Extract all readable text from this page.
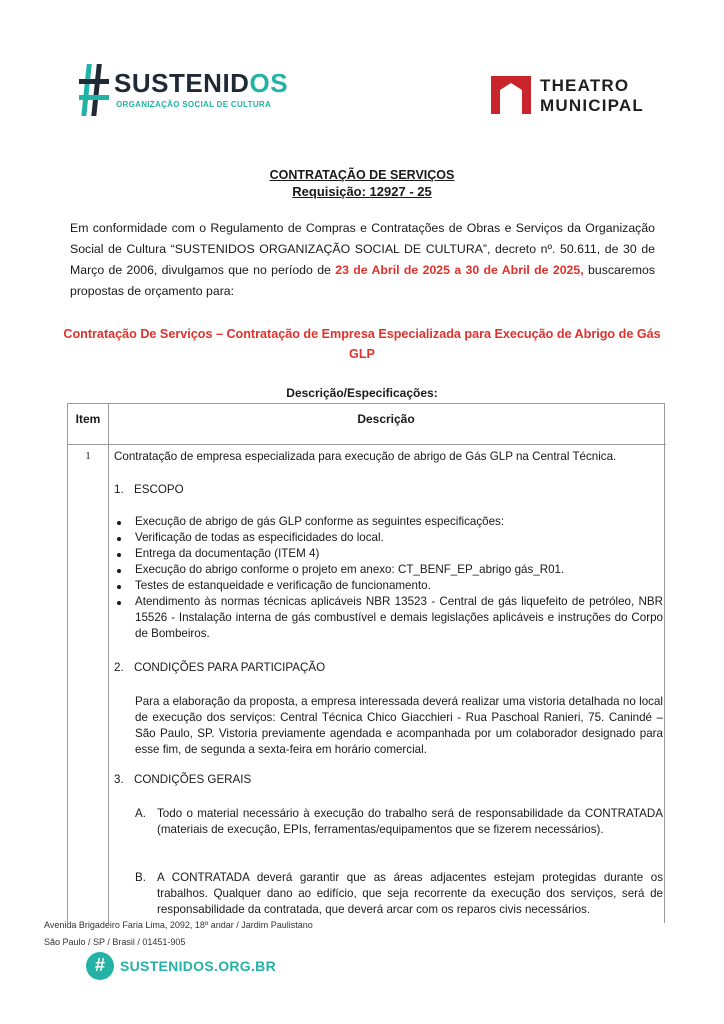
SUSTENIDOS
ORGANIZAÇÃO SOCIAL DE CULTURA
THEATRO
MUNICIPAL
CONTRATAÇÃO DE SERVIÇOS
Requisição: 12927 - 25
Em conformidade com o Regulamento de Compras e Contratações de Obras e Serviços da Organização Social de Cultura “SUSTENIDOS ORGANIZAÇÃO SOCIAL DE CULTURA”, decreto nº. 50.611, de 30 de Março de 2006, divulgamos que no período de 23 de Abril de 2025 a 30 de Abril de 2025, buscaremos propostas de orçamento para:
Contratação De Serviços – Contratação de Empresa Especializada para Execução de Abrigo de Gás GLP
Descrição/Especificações:
Item	Descrição
1	Contratação de empresa especializada para execução de abrigo de Gás GLP na Central Técnica.
1. ESCOPO
Execução de abrigo de gás GLP conforme as seguintes especificações:
Verificação de todas as especificidades do local.
Entrega da documentação (ITEM 4)
Execução do abrigo conforme o projeto em anexo: CT_BENF_EP_abrigo gás_R01.
Testes de estanqueidade e verificação de funcionamento.
Atendimento às normas técnicas aplicáveis NBR 13523 - Central de gás liquefeito de petróleo, NBR 15526 - Instalação interna de gás combustível e demais legislações aplicáveis e instruções do Corpo de Bombeiros.
2. CONDIÇÕES PARA PARTICIPAÇÃO
Para a elaboração da proposta, a empresa interessada deverá realizar uma vistoria detalhada no local de execução dos serviços: Central Técnica Chico Giacchieri - Rua Paschoal Ranieri, 75. Canindé – São Paulo, SP. Vistoria previamente agendada e acompanhada por um colaborador designado para esse fim, de segunda a sexta-feira em horário comercial.
3. CONDIÇÕES GERAIS
A. Todo o material necessário à execução do trabalho será de responsabilidade da CONTRATADA (materiais de execução, EPIs, ferramentas/equipamentos que se fizerem necessários).
B. A CONTRATADA deverá garantir que as áreas adjacentes estejam protegidas durante os trabalhos. Qualquer dano ao edifício, que seja recorrente da execução dos serviços, será de responsabilidade da contratada, que deverá arcar com os reparos civis necessários.
Avenida Brigadeiro Faria Lima, 2092, 18º andar / Jardim Paulistano
São Paulo / SP / Brasil / 01451-905
#	SUSTENIDOS.ORG.BR
